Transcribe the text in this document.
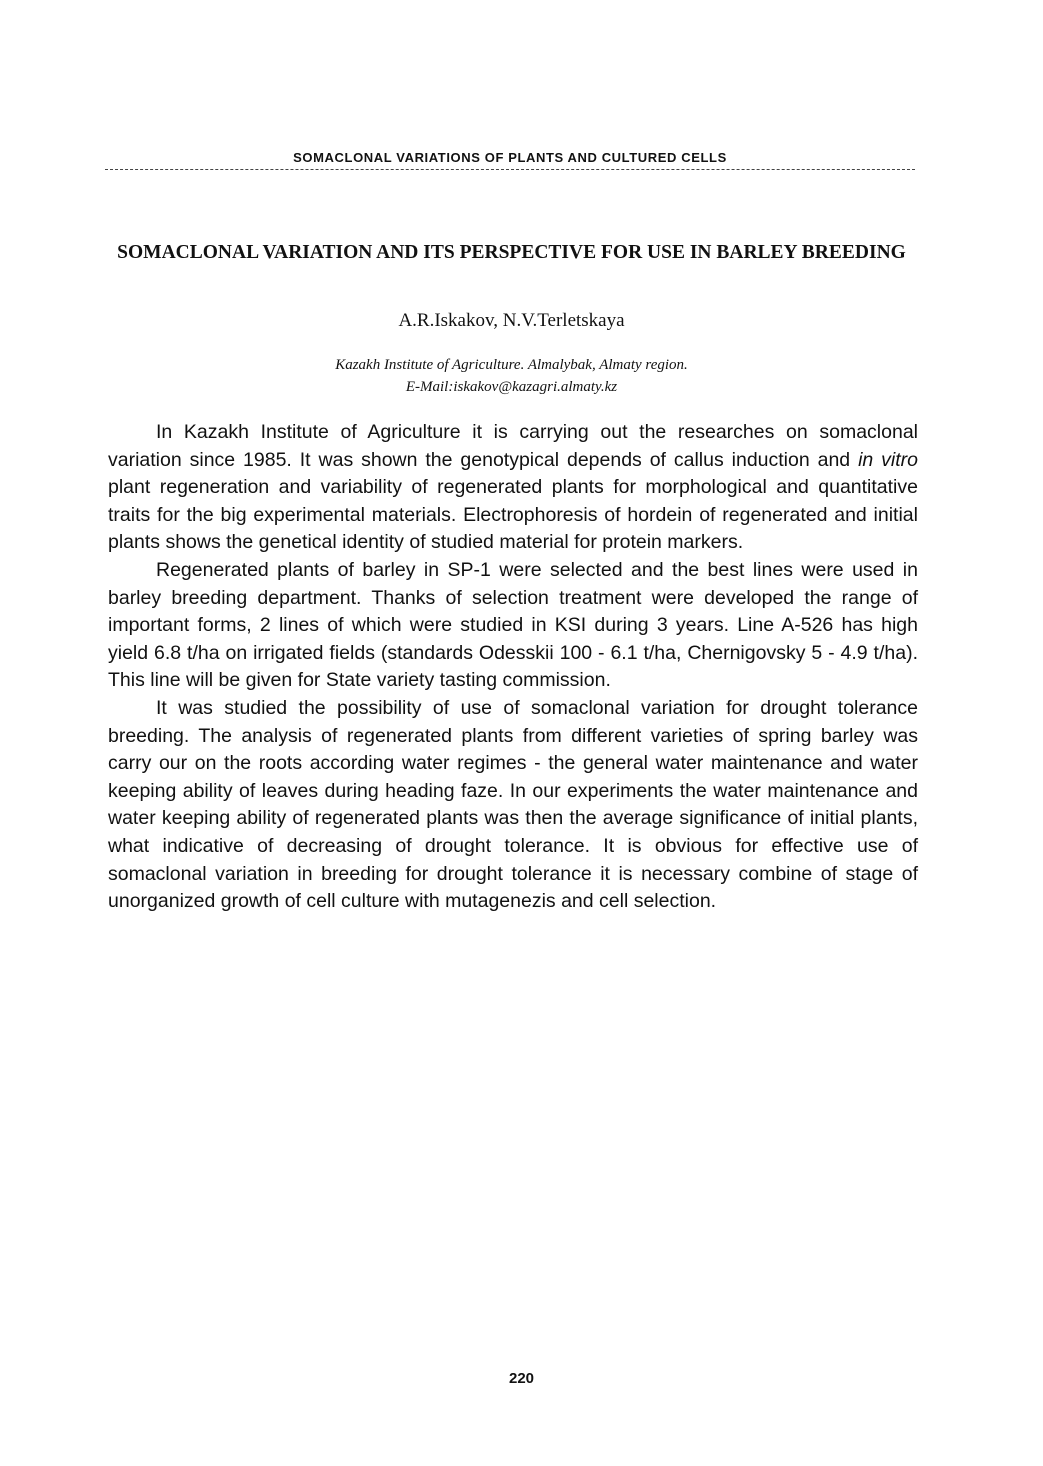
SOMACLONAL VARIATIONS OF PLANTS AND CULTURED CELLS
SOMACLONAL VARIATION AND ITS PERSPECTIVE FOR USE IN BARLEY BREEDING
A.R.Iskakov, N.V.Terletskaya
Kazakh Institute of Agriculture. Almalybak, Almaty region.
E-Mail:iskakov@kazagri.almaty.kz

In Kazakh Institute of Agriculture it is carrying out the researches on somaclonal variation since 1985. It was shown the genotypical depends of callus induction and in vitro plant regeneration and variability of regenerated plants for morphological and quantitative traits for the big experimental materials. Electrophoresis of hordein of regenerated and initial plants shows the genetical identity of studied material for protein markers.

Regenerated plants of barley in SP-1 were selected and the best lines were used in barley breeding department. Thanks of selection treatment were developed the range of important forms, 2 lines of which were studied in KSI during 3 years. Line A-526 has high yield 6.8 t/ha on irrigated fields (standards Odesskii 100 - 6.1 t/ha, Chernigovsky 5 - 4.9 t/ha). This line will be given for State variety tasting commission.

It was studied the possibility of use of somaclonal variation for drought tolerance breeding. The analysis of regenerated plants from different varieties of spring barley was carry our on the roots according water regimes - the general water maintenance and water keeping ability of leaves during heading faze. In our experiments the water maintenance and water keeping ability of regenerated plants was then the average significance of initial plants, what indicative of decreasing of drought tolerance. It is obvious for effective use of somaclonal variation in breeding for drought tolerance it is necessary combine of stage of unorganized growth of cell culture with mutagenezis and cell selection.

220
